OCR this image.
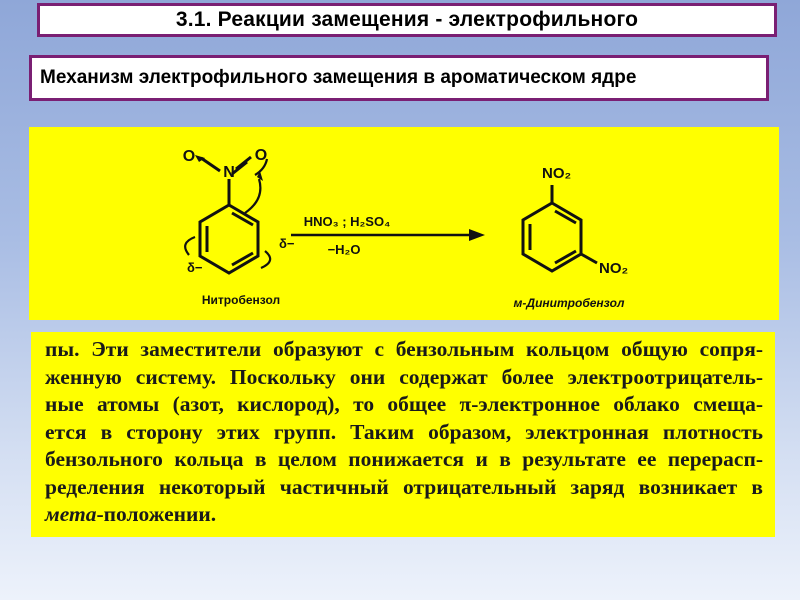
3.1. Реакции замещения - электрофильного
Механизм электрофильного замещения в ароматическом ядре
N
O	O
δ−
δ−
HNO₃ ; H₂SO₄
−H₂O
NO₂
NO₂
Нитробензол	м-Динитробензол

пы. Эти заместители образуют с бензольным кольцом общую сопря-
женную систему. Поскольку они содержат более электроотрицатель-
ные атомы (азот, кислород), то общее π-электронное облако смеща-
ется в сторону этих групп. Таким образом, электронная плотность
бензольного кольца в целом понижается и в результате ее перерасп-
ределения некоторый частичный отрицательный заряд возникает в
мета-положении.
